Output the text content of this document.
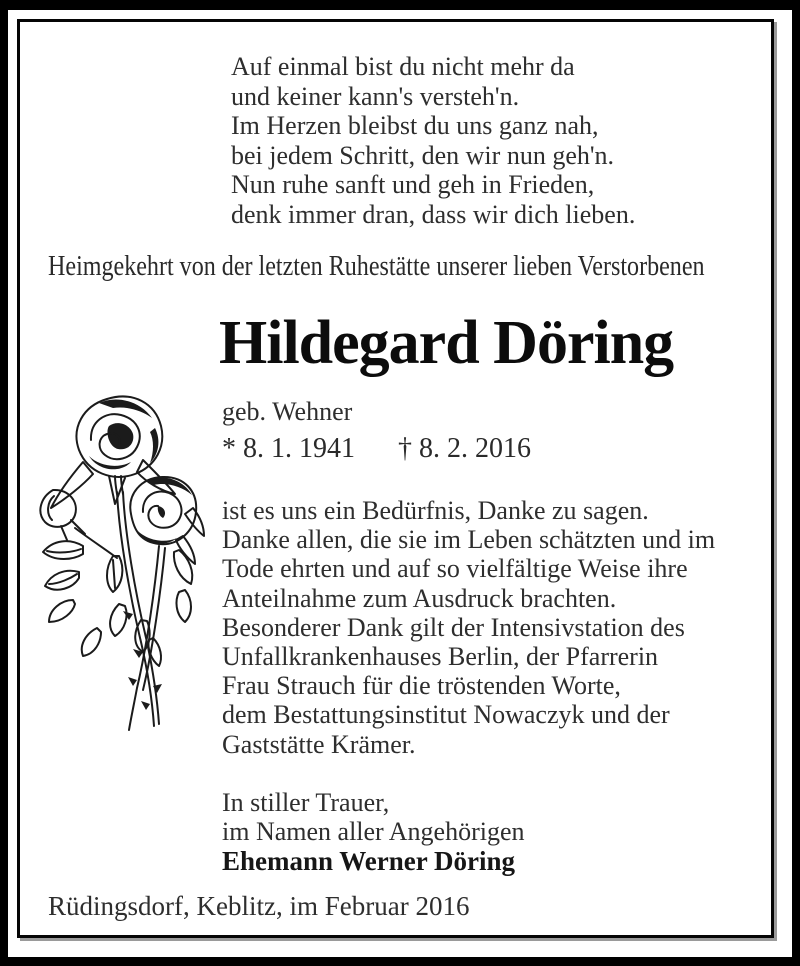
Auf einmal bist du nicht mehr da
und keiner kann's versteh'n.
Im Herzen bleibst du uns ganz nah,
bei jedem Schritt, den wir nun geh'n.
Nun ruhe sanft und geh in Frieden,
denk immer dran, dass wir dich lieben.
Heimgekehrt von der letzten Ruhestätte unserer lieben Verstorbenen
Hildegard Döring
geb. Wehner
* 8. 1. 1941 † 8. 2. 2016
ist es uns ein Bedürfnis, Danke zu sagen.
Danke allen, die sie im Leben schätzten und im
Tode ehrten und auf so vielfältige Weise ihre
Anteilnahme zum Ausdruck brachten.
Besonderer Dank gilt der Intensivstation des
Unfallkrankenhauses Berlin, der Pfarrerin
Frau Strauch für die tröstenden Worte,
dem Bestattungsinstitut Nowaczyk und der
Gaststätte Krämer.
In stiller Trauer,
im Namen aller Angehörigen
Ehemann Werner Döring
Rüdingsdorf, Keblitz, im Februar 2016
